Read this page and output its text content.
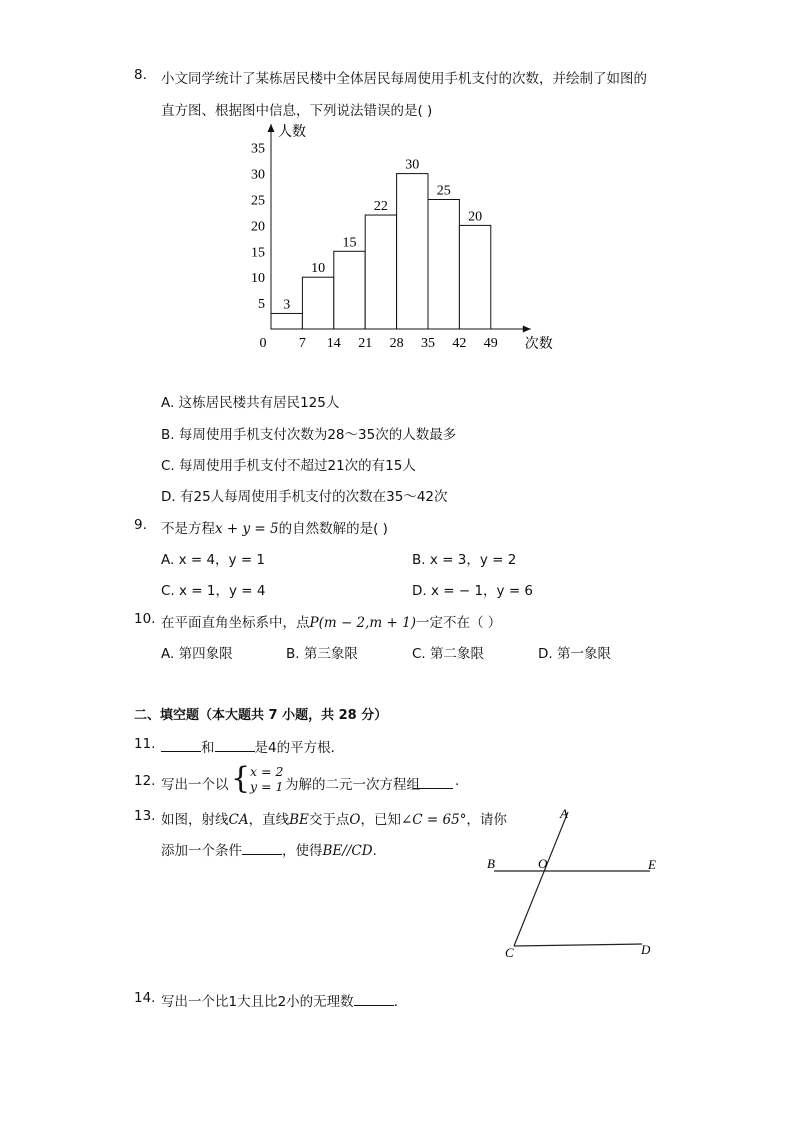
8. 小文同学统计了某栋居民楼中全体居民每周使用手机支付的次数，并绘制了如图的
直方图、根据图中信息，下列说法错误的是( )
3
10
15
22
30
25
20
0 7 14 21 28 35 42 49
5
10
15
20
25
30
35
人数
次数
A. 这栋居民楼共有居民125人
B. 每周使用手机支付次数为28～35次的人数最多
C. 每周使用手机支付不超过21次的有15人
D. 有25人每周使用手机支付的次数在35～42次
9. 不是方程x + y = 5的自然数解的是( )
A. x = 4，y = 1	B. x = 3，y = 2
C. x = 1，y = 4	D. x = − 1，y = 6
10. 在平面直角坐标系中，点P(m − 2,m + 1)一定不在（ ）
A. 第四象限	B. 第三象限	C. 第二象限	D. 第一象限
二、填空题（本大题共 7 小题，共 28 分）
11.	和	是4的平方根．
12. 写出一个以 { x = 2
y = 1 为解的二元一次方程组	.
13. 如图，射线CA，直线BE交于点O，已知∠C = 65°，请你
添加一个条件	，使得BE//CD.
A
B	O	E
C	D
14. 写出一个比1大且比2小的无理数	.
